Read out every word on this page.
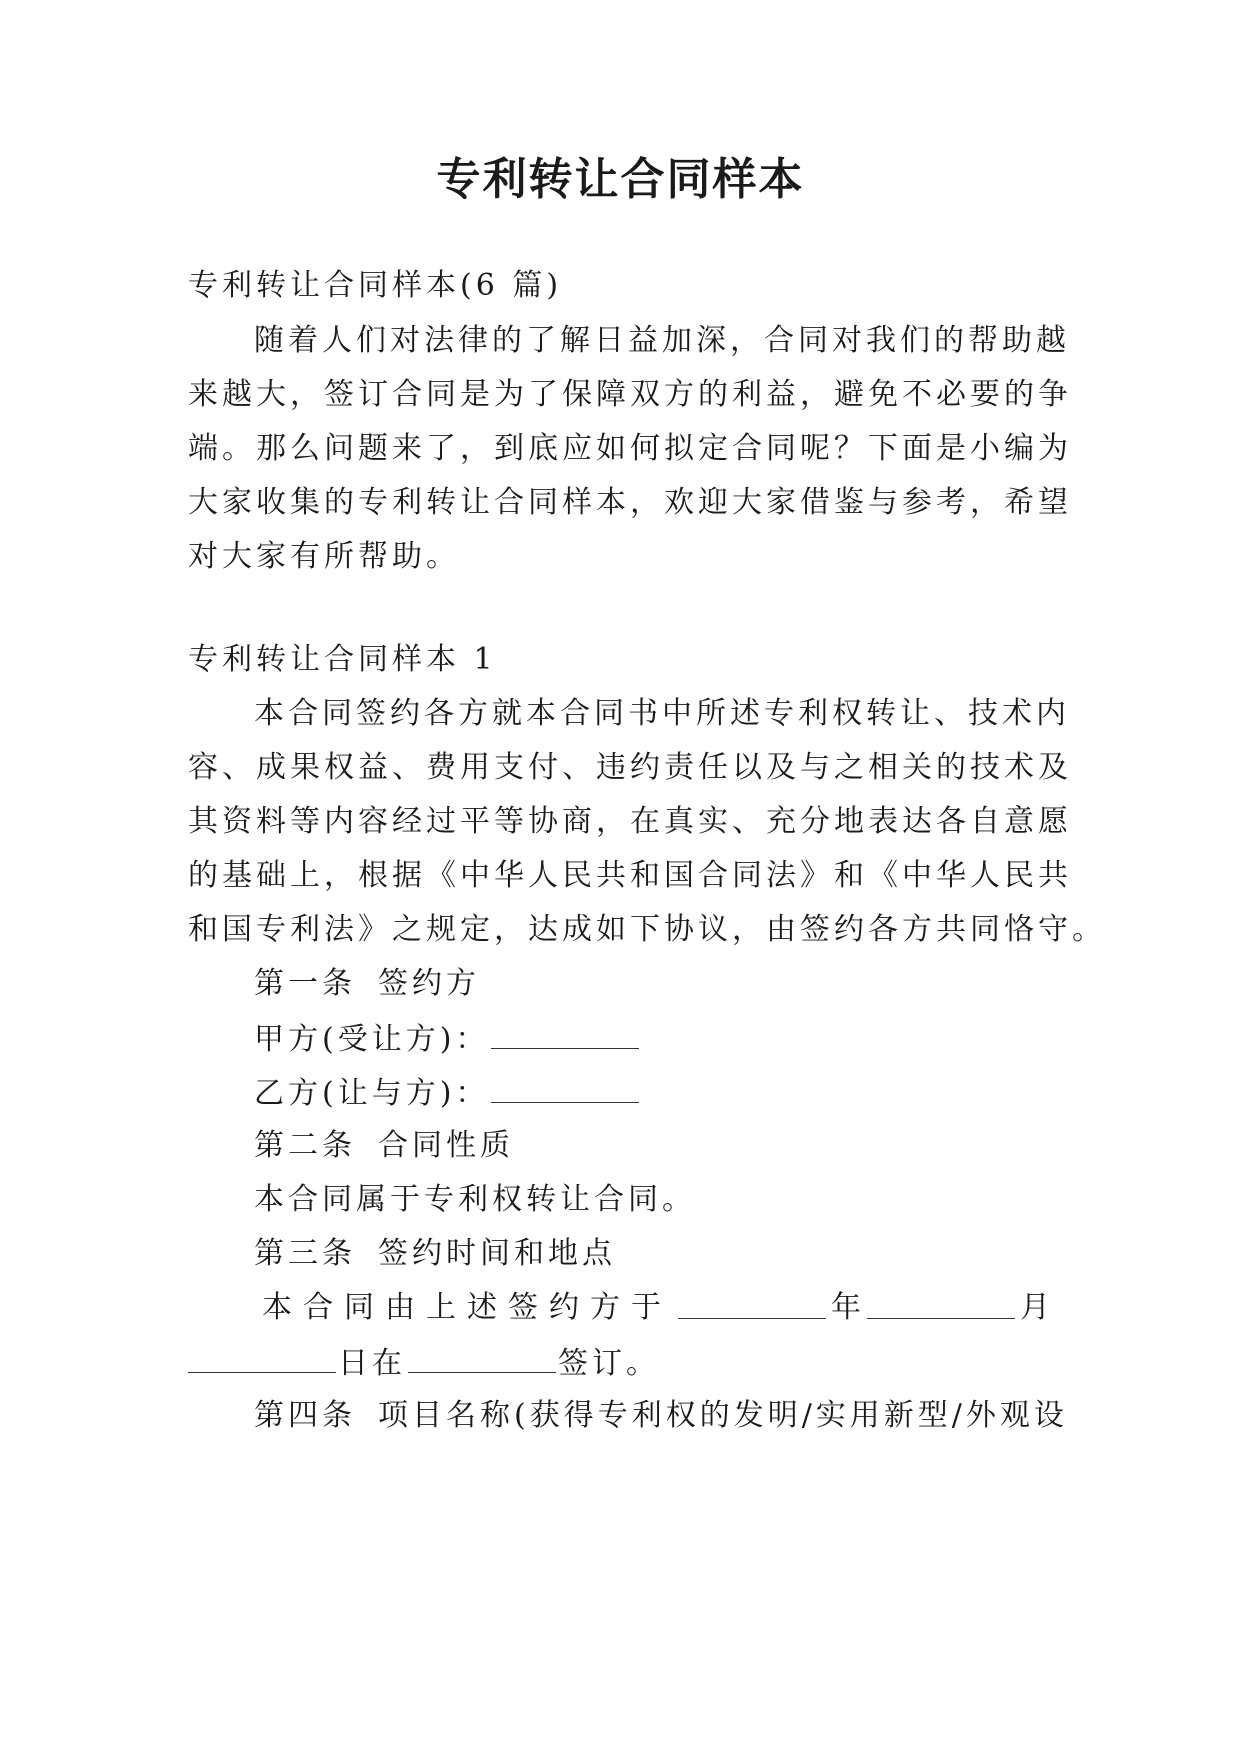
专利转让合同样本
专利转让合同样本(6 篇)
随着人们对法律的了解日益加深，合同对我们的帮助越
来越大，签订合同是为了保障双方的利益，避免不必要的争
端。那么问题来了，到底应如何拟定合同呢？下面是小编为
大家收集的专利转让合同样本，欢迎大家借鉴与参考，希望
对大家有所帮助。
专利转让合同样本 1
本合同签约各方就本合同书中所述专利权转让、技术内
容、成果权益、费用支付、违约责任以及与之相关的技术及
其资料等内容经过平等协商，在真实、充分地表达各自意愿
的基础上，根据《中华人民共和国合同法》和《中华人民共
和国专利法》之规定，达成如下协议，由签约各方共同恪守。
第一条 签约方
甲方(受让方)：
乙方(让与方)：
第二条 合同性质
本合同属于专利权转让合同。
第三条 签约时间和地点
本合同由上述签约方于	年	月
日在	签订。
第四条 项目名称(获得专利权的发明/实用新型/外观设
